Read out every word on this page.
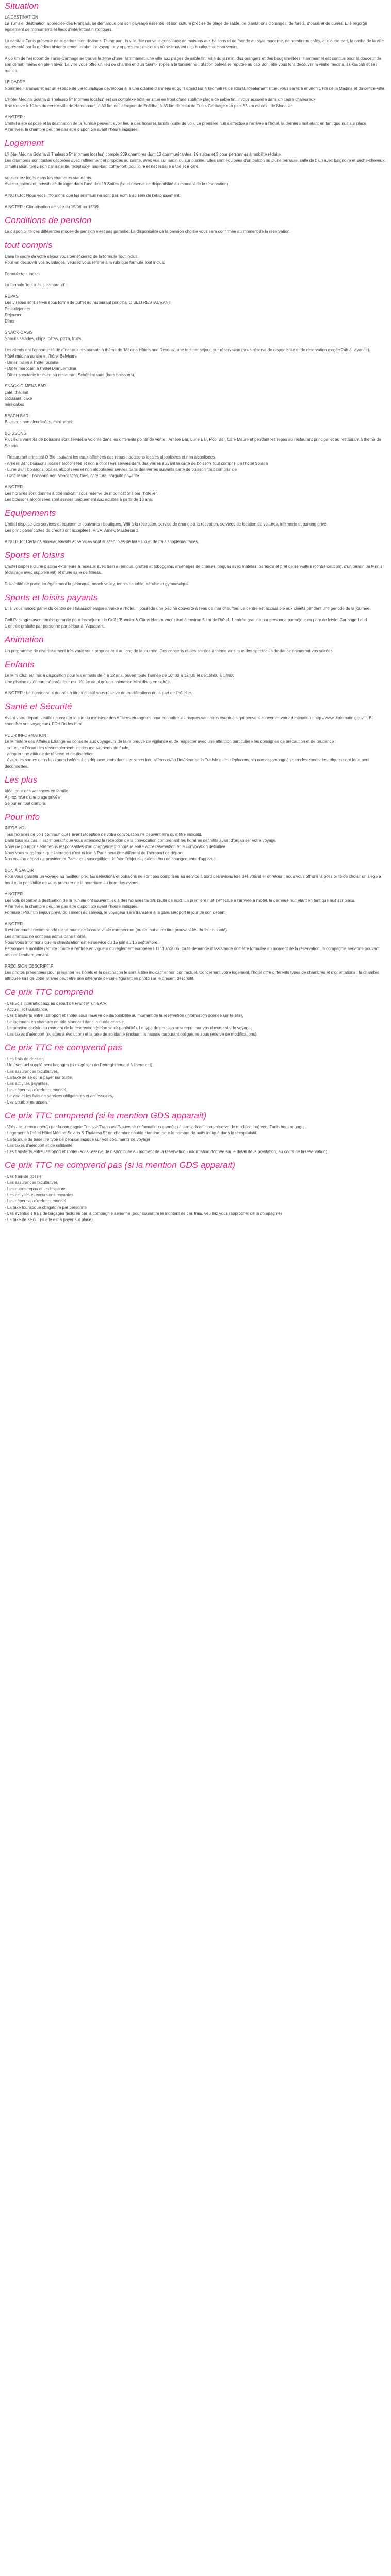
Situation

LA DESTINATION

La Tunisie, destination appréciée des Français, se démarque par son paysage essentiel et son culture précise de plage de sable, de plantations d'oranges, de forêts, d'oasis et de dunes. Elle regorge également de monuments et lieux d'intérêt tout historiques.

La capitale Tunis présente deux cadres bien distincts. D'une part, la ville dite nouvelle constituée de maisons aux balcons et de façade au style moderne, de nombreux cafés, et d'autre part, la casba de la ville représenté par la médina historiquement arabe. Le voyageur y appréciera ses souks où se trouvent des boutiques de souvenirs.

A 65 km de l'aéroport de Tunis-Carthage se trouve la zone d'une Hammamet, une ville aux plages de sable fin. Ville du jasmin, des orangers et des bougainvillées, Hammamet est connue pour la douceur de son climat, même en plein hiver. La ville vous offre un lieu de charme et d'un 'Saint-Tropez à la tunisienne'. Station balnéaire réputée au cap Bon, elle vous fera découvrir la vieille médina, sa kasbah et ses ruelles.

LE CADRE

Nommée Hammamet est un espace de vie touristique développé à la une dizaine d'années et qui s'étend sur 4 kilomètres de littoral. Idéalement situé, vous serez à environ 1 km de la Médina et du centre-ville.

L'Hôtel Médina Solaria & Thalasso 5* (normes locales) est un complexe hôtelier situé en front d'une sublime plage de sable fin. Il vous accueille dans un cadre chaleureux.

Il se trouve à 10 km du centre-ville de Hammamet, à 60 km de l'aéroport de Enfidha, à 65 km de celui de Tunis-Carthage et à plus 85 km de celui de Monastir.

A NOTER :

L'hôtel a été déposé et la destination de la Tunisie peuvent avoir lieu à des horaires tardifs (suite de vol). La première nuit s'effectue à l'arrivée à l'hôtel, la dernière nuit étant en tant que nuit sur place.

A l'arrivée, la chambre peut ne pas être disponible avant l'heure indiquée.

Logement

L'Hôtel Médina Solaria & Thalasso 5* (normes locales) compte 239 chambres dont 13 communicantes, 19 suites et 3 pour personnes à mobilité réduite.

Les chambres sont toutes décorées avec raffinement et propices au calme, avec vue sur jardin ou sur piscine. Elles sont équipées d'un balcon ou d'une terrasse, salle de bain avec baignoire et sèche-cheveux, climatisation, télévision par satellite, téléphone, mini-bar, coffre-fort, bouilloire et nécessaire à thé et à café.

Vous serez logés dans les chambres standards.

Avec supplément, possibilité de loger dans l'une des 19 Suites (sous réserve de disponibilité au moment de la réservation).

A NOTER : Nous vous informons que les animaux ne sont pas admis au sein de l'établissement.

A NOTER : Climatisation activée du 15/06 au 15/09.

Conditions de pension

La disponibilité des différentes modes de pension n'est pas garantie. La disponibilité de la pension choisie vous sera confirmée au moment de la réservation.

tout compris

Dans le cadre de votre séjour vous bénéficierez de la formule Tout inclus.

Pour en découvrir vos avantages, veuillez vous référer à la rubrique formule Tout inclus.

Formule tout inclus

La formule 'tout inclus comprend' :

REPAS

Les 3 repas sont servis sous forme de buffet au restaurant principal O BELI RESTAURANT

Petit-déjeuner

Déjeuner

Dîner

SNACK-OASIS

Snacks salades, chips, pâtes, pizza, fruits

Les clients ont l'opportunité de dîner aux restaurants à thème de 'Médina Hôtels and Resorts', une fois par séjour, sur réservation (sous réserve de disponibilité et de réservation exigée 24h à l'avance).

Hôtel médina solaire et l'hôtel Belvisère

- Dîner italien à l'hôtel Solaria

- Dîner marocain à l'hôtel Diar Lemdina

- Dîner spectacle tunisien au restaurant Schéhérazade (hors boissons).

SNACK-O-MENA BAR

café, thé, lait

croissant, cake

mini cakes

BEACH BAR :

Boissons non alcoolisées, mini snack.

BOISSONS

Plusieurs variétés de boissons sont servies à volonté dans les différents points de vente : Arrière Bar, Lune Bar, Pool Bar, Café Maure et pendant les repas au restaurant principal et au restaurant à thème de Solaria.

- Restaurant principal O Bio : suivant les eaux affichées des repas : boissons locales alcoolisées et non alcoolisées.

- Arrière Bar : boissons locales alcoolisées et non alcoolisées servies dans des verres suivant la carte de boisson 'tout compris' de l'hôtel Solaria

- Lune Bar : boissons locales alcoolisées et non alcoolisées servies dans des verres suivants carte de boisson 'tout compris' de

- Café Maure : boissons non alcoolisées, thés, café turc, narguilé payante.

A NOTER

Les horaires sont donnés à titre indicatif sous réserve de modifications par l'hôtelier.

Les boissons alcoolisées sont servies uniquement aux adultes à partir de 18 ans.

Equipements

L'hôtel dispose des services et équipement suivants : boutiques, Wifi à la réception, service de change à la réception, services de location de voitures, infirmerie et parking privé.

Les principales cartes de crédit sont acceptées: VISA, Amex, Mastercard.

A NOTER : Certains aménagements et services sont susceptibles de faire l'objet de frais supplémentaires.

Sports et loisirs

L'hôtel dispose d'une piscine extérieure à réseaux avec bain à remous, grottes et toboggans, aménagés de chaises longues avec matelas, parasols et prêt de serviettes (contre caution), d'un terrain de tennis (éclairage avec supplément) et d'une salle de fitness.

Possibilité de pratiquer également la pétanque, beach volley, tennis de table, aérobic et gymnastique.

Sports et loisirs payants

Et si vous lancez parler du centre de Thalassothérapie annexe à l'hôtel. Il possède une piscine couverte à l'eau de mer chauffée. Le centre est accessible aux clients pendant une période de la journée.

Golf Packages avec remise garantie pour les séjours de Golf : 'Bonnier & Citrus Hammamet' situé à environ 5 km de l'hôtel. 1 entrée gratuite par personne par séjour au parc de loisirs Carthage Land

1 entrée gratuite par personne par séjour à l'Aquapark.

Animation

Un programme de divertissement très varié vous propose tout au long de la journée. Des concerts et des soirées à thème ainsi que des spectacles de danse animeront vos soirées.

Enfants

Le Mini Club est mis à disposition pour les enfants de 4 à 12 ans, ouvert toute l'année de 10h00 à 12h30 et de 15h00 à 17h00.

Une piscine extérieure séparée leur est dédiée ainsi qu'une animation Mini disco en soirée.

A NOTER : Le horaire sont donnés à titre indicatif sous réserve de modifications de la part de l'hôtelier.

Santé et Sécurité

Avant votre départ, veuillez consulter le site du ministère des Affaires étrangères pour connaître les risques sanitaires éventuels qui peuvent concerner votre destination : http://www.diplomatie.gouv.fr. Et connaître vos voyageurs, FCH l'index.html

POUR INFORMATION :

Le Ministère des Affaires Etrangères conseille aux voyageurs de faire preuve de vigilance et de respecter avec une attention particulière les consignes de précaution et de prudence :

- se tenir à l'écart des rassemblements et des mouvements de foule,

- adopter une attitude de réserve et de discrétion,

- éviter les sorties dans les zones isolées. Les déplacements dans les zones frontalières et/ou l'intérieur de la Tunisie et les déplacements non accompagnés dans les zones désertiques sont fortement déconseillés.

Les plus

Idéal pour des vacances en famille

A proximité d'une plage privée

Séjour en tout compris

Pour info

INFOS VOL

Tous horaires de vols communiqués avant réception de votre convocation ne peuvent être qu'à titre indicatif.

Dans tous les cas, il est impératif que vous attendiez la réception de la convocation comprenant les horaires définitifs avant d'organiser votre voyage.

Nous ne pourrions être tenus responsables d'un changement d'horaire entre votre réservation et la convocation définitive.

Nous vous suggérons que l'aéroport n'est ni loin à Paris peut être différent de l'aéroport de départ.

Nos vols au départ de province et Paris sont susceptibles de faire l'objet d'escales et/ou de changements d'appareil.

BON À SAVOIR

Pour vous garantir un voyage au meilleur prix, les sélections et boissons ne sont pas comprises au service à bord des avions lors des vols aller et retour ; nous vous offrons la possibilité de choisir un siège à bord et la possibilité de vous procurer de la nourriture au bord des avions.

A NOTER

Les vols départ et à destination de la Tunisie ont souvent lieu à des horaires tardifs (suite de nuit). La première nuit s'effectue à l'arrivée à l'hôtel, la dernière nuit étant en tant que nuit sur place.

A l'arrivée, la chambre peut ne pas être disponible avant l'heure indiquée.

Formule : Pour un séjour prévu du samedi au samedi, le voyageur sera transféré à la gare/aéroport le jour de son départ.

A NOTER

Il est fortement recommandé de se munir de la carte vitale européenne (ou de tout autre titre prouvant les droits en santé).

Les animaux ne sont pas admis dans l'hôtel.

Nous vous informons que la climatisation est en service du 15 juin au 15 septembre.

Personnes à mobilité réduite : Suite à l'entrée en vigueur du règlement européen EU 1107/2006, toute demande d'assistance doit être formulée au moment de la réservation, la compagnie aérienne pouvant refuser l'embarquement.

PRÉCISION DESCRIPTIF

Les photos présentées pour présenter les hôtels et la destination le sont à titre indicatif et non contractuel. Concernant votre logement, l'hôtel offre différents types de chambres et d'orientations : la chambre attribuée lors de votre arrivée peut être une différente de celle figurant en photo sur le présent descriptif.

Ce prix TTC comprend

- Les vols internationaux au départ de France/Tunis A/R,

- Accueil et l'assistance,

- Les transferts entre l'aéroport et l'hôtel sous réserve de disponibilité au moment de la réservation (information donnée sur le site),

- Le logement en chambre double standard dans la durée choisie,

- La pension choisie au moment de la réservation (selon sa disponibilité). Le type de pension sera repris sur vos documents de voyage,

- Les taxes d'aéroport (sujettes à évolution) et la taxe de solidarité (incluant la hausse carburant obligatoire sous réserve de modifications).

Ce prix TTC ne comprend pas

- Les frais de dossier,

- Un éventuel supplément bagages (si exigé lors de l'enregistrement à l'aéroport),

- Les assurances facultatives,

- La taxe de séjour à payer sur place,

- Les activités payantes,

- Les dépenses d'ordre personnel,

- Le visa et les frais de services obligatoires et accessoires,

- Les pourboires usuels.

Ce prix TTC comprend (si la mention GDS apparait)

- Vols aller-retour opérés par la compagnie Tunisair/Transavia/Nouvelair (informations données à titre indicatif sous réserve de modification) vers Tunis hors bagages.

- Logement à l'hôtel Hôtel Médina Solaria & Thalasso 5* en chambre double standard pour le nombre de nuits indiqué dans le récapitulatif.

- La formule de base : le type de pension indiqué sur vos documents de voyage

- Les taxes d'aéroport et de solidarité

- Les transferts entre l'aéroport et l'hôtel (sous réserve de disponibilité au moment de la réservation - information donnée sur le détail de la prestation, au cours de la réservation).

Ce prix TTC ne comprend pas (si la mention GDS apparait)

- Les frais de dossier

- Les assurances facultatives

- Les autres repas et les boissons

- Les activités et excursions payantes

- Les dépenses d'ordre personnel

- La taxe touristique obligatoire par personne

- Les éventuels frais de bagages facturés par la compagnie aérienne (pour connaître le montant de ces frais, veuillez vous rapprocher de la compagnie)

- La taxe de séjour (si elle est à payer sur place)
